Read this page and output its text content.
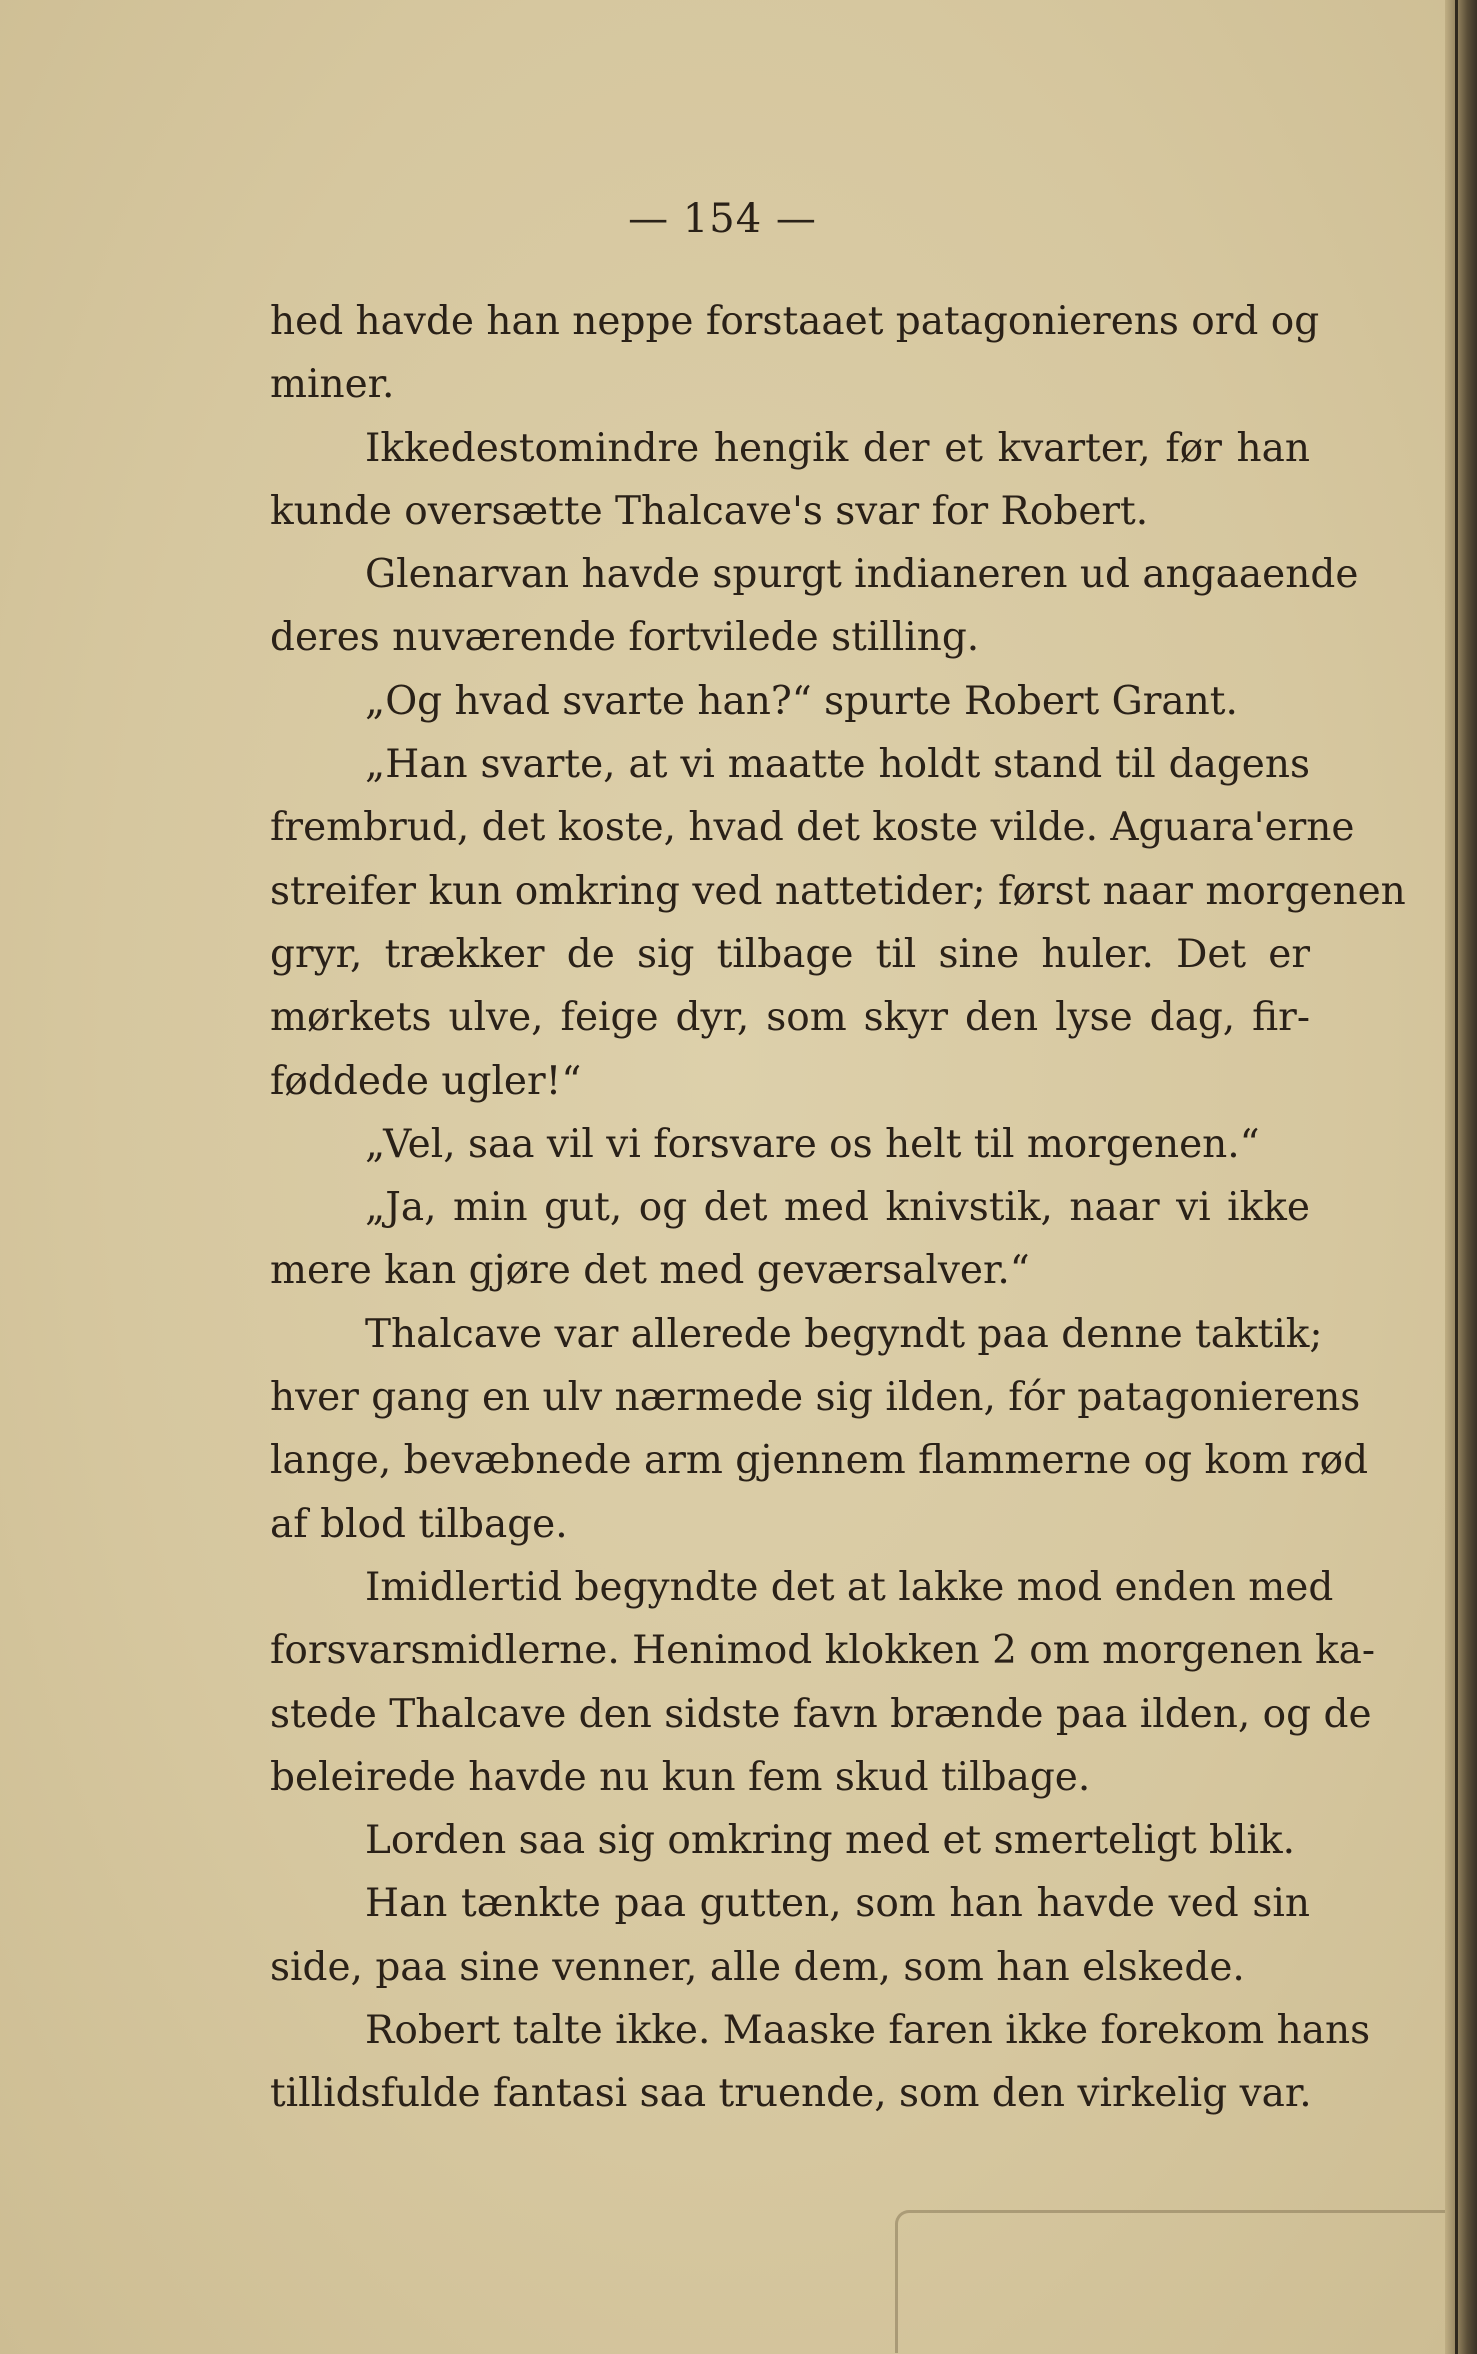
— 154 —
hed havde han neppe forstaaet patagonierens ord og
miner.
Ikkedestomindre hengik der et kvarter, før han
kunde oversætte Thalcave's svar for Robert.
Glenarvan havde spurgt indianeren ud angaaende
deres nuværende fortvilede stilling.
„Og hvad svarte han?“ spurte Robert Grant.
„Han svarte, at vi maatte holdt stand til dagens
frembrud, det koste, hvad det koste vilde. Aguara'erne
streifer kun omkring ved nattetider; først naar morgenen
gryr, trækker de sig tilbage til sine huler. Det er
mørkets ulve, feige dyr, som skyr den lyse dag, fir-
føddede ugler!“
„Vel, saa vil vi forsvare os helt til morgenen.“
„Ja, min gut, og det med knivstik, naar vi ikke
mere kan gjøre det med geværsalver.“
Thalcave var allerede begyndt paa denne taktik;
hver gang en ulv nærmede sig ilden, fór patagonierens
lange, bevæbnede arm gjennem flammerne og kom rød
af blod tilbage.
Imidlertid begyndte det at lakke mod enden med
forsvarsmidlerne. Henimod klokken 2 om morgenen ka-
stede Thalcave den sidste favn brænde paa ilden, og de
beleirede havde nu kun fem skud tilbage.
Lorden saa sig omkring med et smerteligt blik.
Han tænkte paa gutten, som han havde ved sin
side, paa sine venner, alle dem, som han elskede.
Robert talte ikke. Maaske faren ikke forekom hans
tillidsfulde fantasi saa truende, som den virkelig var.
